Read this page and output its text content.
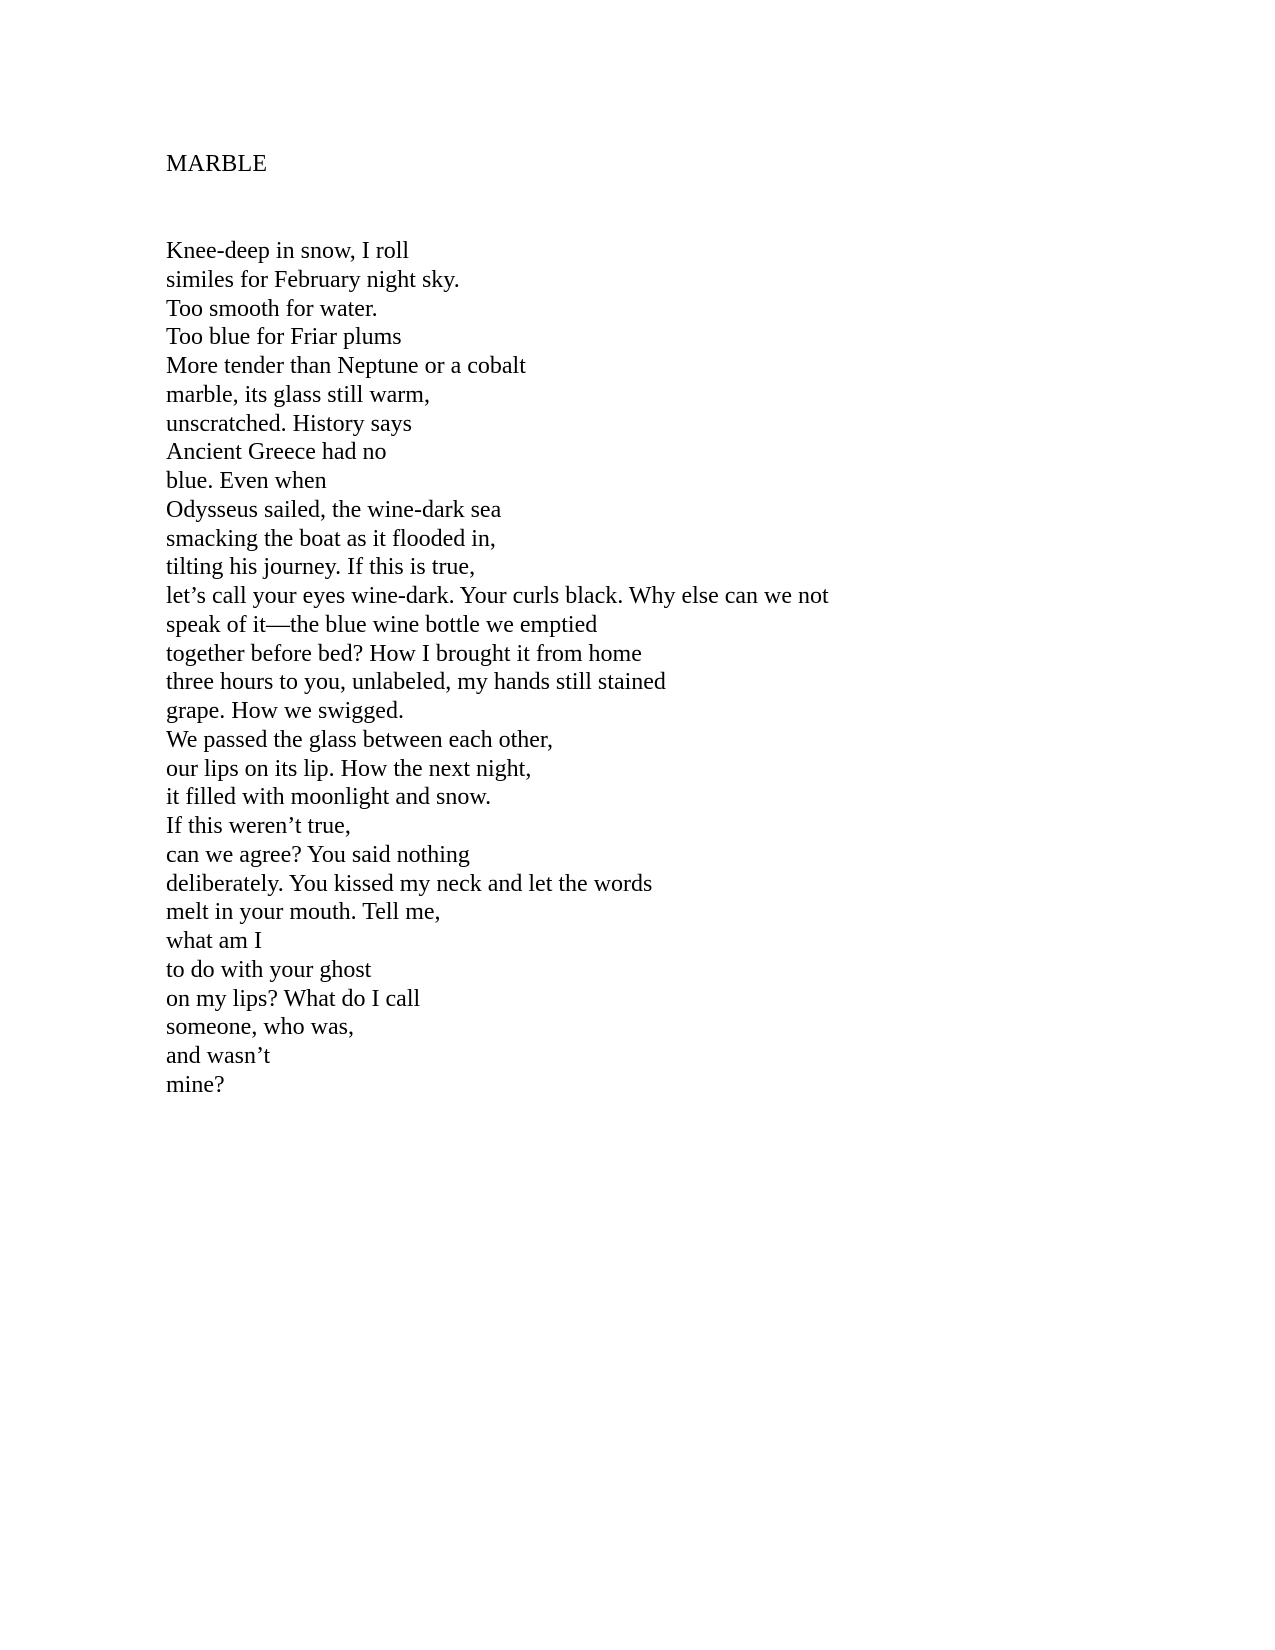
MARBLE
Knee-deep in snow, I roll
similes for February night sky.
Too smooth for water.
Too blue for Friar plums
More tender than Neptune or a cobalt
marble, its glass still warm,
unscratched. History says
Ancient Greece had no
blue. Even when
Odysseus sailed, the wine-dark sea
smacking the boat as it flooded in,
tilting his journey. If this is true,
let’s call your eyes wine-dark. Your curls black. Why else can we not
speak of it—the blue wine bottle we emptied
together before bed? How I brought it from home
three hours to you, unlabeled, my hands still stained
grape. How we swigged.
We passed the glass between each other,
our lips on its lip. How the next night,
it filled with moonlight and snow.
If this weren’t true,
can we agree? You said nothing
deliberately. You kissed my neck and let the words
melt in your mouth. Tell me,
what am I
to do with your ghost
on my lips? What do I call
someone, who was,
and wasn’t
mine?
